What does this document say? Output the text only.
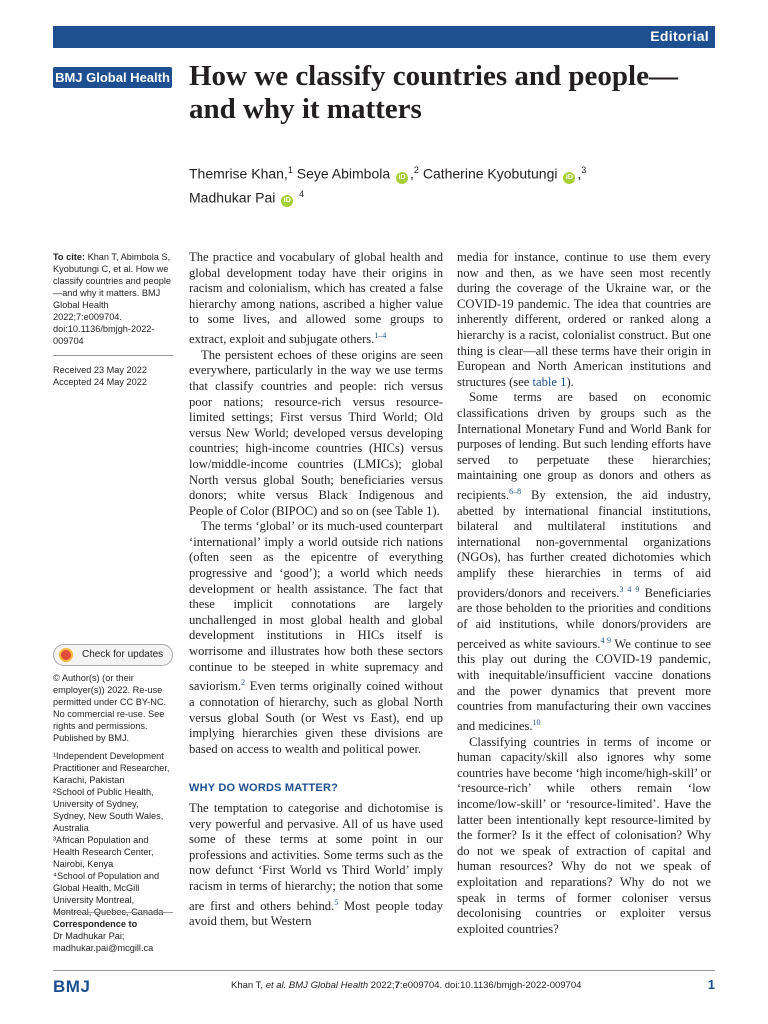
Editorial
BMJ Global Health How we classify countries and people—and why it matters
Themrise Khan,$^1$ Seye Abimbola iD ,$^2$ Catherine Kyobutungi iD ,$^3$
Madhukar Pai iD $^4$
To cite: Khan T, Abimbola S, Kyobutungi C, et al. How we classify countries and people—and why it matters. BMJ Global Health 2022;7:e009704. doi:10.1136/bmjgh-2022-009704
Received 23 May 2022
Accepted 24 May 2022
Check for updates

© Author(s) (or their employer(s)) 2022. Re-use permitted under CC BY-NC. No commercial re-use. See rights and permissions. Published by BMJ.

¹Independent Development Practitioner and Researcher, Karachi, Pakistan

²School of Public Health, University of Sydney, Sydney, New South Wales, Australia

³African Population and Health Research Center, Nairobi, Kenya

⁴School of Population and Global Health, McGill University Montreal, Montreal, Quebec, Canada

Correspondence to
Dr Madhukar Pai;
madhukar.pai@mcgill.ca

The practice and vocabulary of global health and global development today have their origins in racism and colonialism, which has created a false hierarchy among nations, ascribed a higher value to some lives, and allowed some groups to extract, exploit and subjugate others.$^{1-4}$

The persistent echoes of these origins are seen everywhere, particularly in the way we use terms that classify countries and people: rich versus poor nations; resource-rich versus resource-limited settings; First versus Third World; Old versus New World; developed versus developing countries; high-income countries (HICs) versus low/middle-income countries (LMICs); global North versus global South; beneficiaries versus donors; white versus Black Indigenous and People of Color (BIPOC) and so on (see Table 1).

The terms ‘global’ or its much-used counterpart ‘international’ imply a world outside rich nations (often seen as the epicentre of everything progressive and ‘good’); a world which needs development or health assistance. The fact that these implicit connotations are largely unchallenged in most global health and global development institutions in HICs itself is worrisome and illustrates how both these sectors continue to be steeped in white supremacy and saviorism.$^2$ Even terms originally coined without a connotation of hierarchy, such as global North versus global South (or West vs East), end up implying hierarchies given these divisions are based on access to wealth and political power.

WHY DO WORDS MATTER?

The temptation to categorise and dichotomise is very powerful and pervasive. All of us have used some of these terms at some point in our professions and activities. Some terms such as the now defunct ‘First World vs Third World’ imply racism in terms of hierarchy; the notion that some are first and others behind.$^5$ Most people today avoid them, but Western

media for instance, continue to use them every now and then, as we have seen most recently during the coverage of the Ukraine war, or the COVID-19 pandemic. The idea that countries are inherently different, ordered or ranked along a hierarchy is a racist, colonialist construct. But one thing is clear—all these terms have their origin in European and North American institutions and structures (see table 1).

Some terms are based on economic classifications driven by groups such as the International Monetary Fund and World Bank for purposes of lending. But such lending efforts have served to perpetuate these hierarchies; maintaining one group as donors and others as recipients.$^{6-8}$ By extension, the aid industry, abetted by international financial institutions, bilateral and multilateral institutions and international non-governmental organizations (NGOs), has further created dichotomies which amplify these hierarchies in terms of aid providers/donors and receivers.$^{3 4 9}$ Beneficiaries are those beholden to the priorities and conditions of aid institutions, while donors/providers are perceived as white saviours.$^{4 9}$ We continue to see this play out during the COVID-19 pandemic, with inequitable/insufficient vaccine donations and the power dynamics that prevent more countries from manufacturing their own vaccines and medicines.$^{10}$

Classifying countries in terms of income or human capacity/skill also ignores why some countries have become ‘high income/high-skill’ or ‘resource-rich’ while others remain ‘low income/low-skill’ or ‘resource-limited’. Have the latter been intentionally kept resource-limited by the former? Is it the effect of colonisation? Why do not we speak of extraction of capital and human resources? Why do not we speak of exploitation and reparations? Why do not we speak in terms of former coloniser versus decolonising countries or exploiter versus exploited countries?

BMJ	Khan T, et al. BMJ Global Health 2022;7:e009704. doi:10.1136/bmjgh-2022-009704	1
